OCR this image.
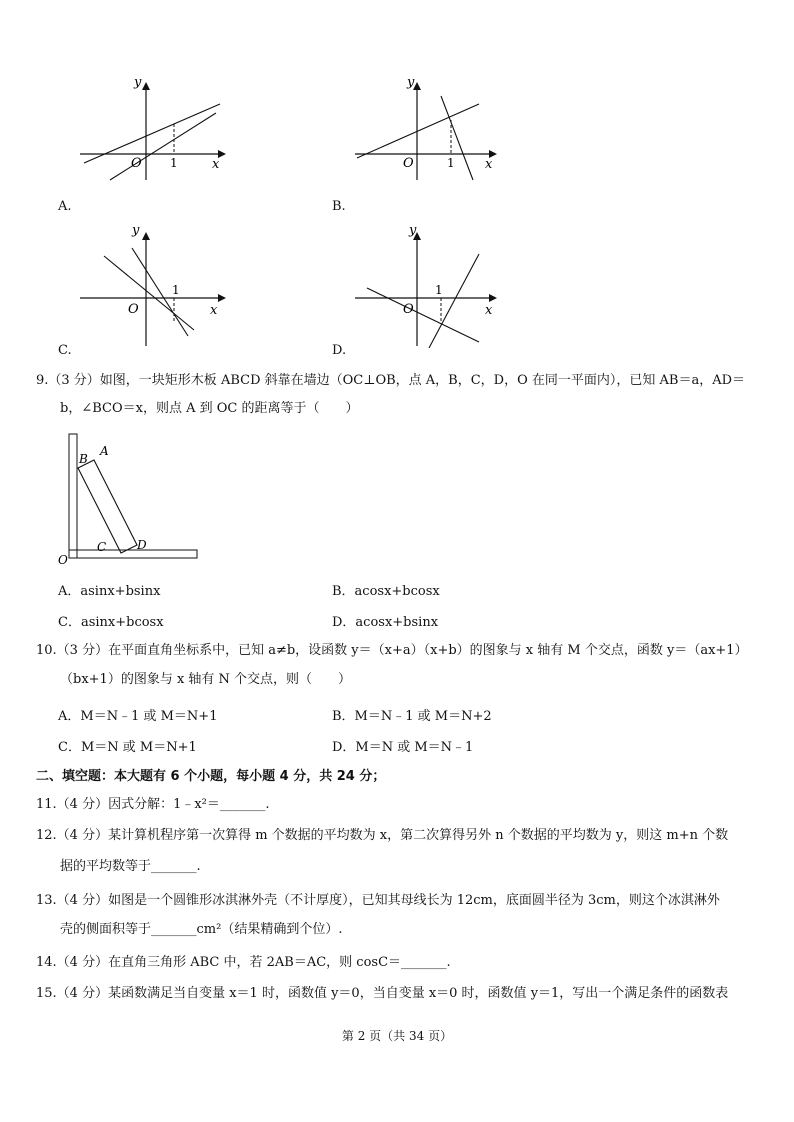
y
x
O 1
A.
y
x
O	1
B.
y
x
O
1
C.
y
x
O
1
D.
9.（3 分）如图，一块矩形木板 ABCD 斜靠在墙边（OC⊥OB，点 A，B，C，D，O 在同一平面内），已知 AB＝a，AD＝
b，∠BCO＝x，则点 A 到 OC 的距离等于（　　）
A
B
C	D
O
A．asinx+bsinx	B．acosx+bcosx
C．asinx+bcosx	D．acosx+bsinx
10.（3 分）在平面直角坐标系中，已知 a≠b，设函数 y＝（x+a）（x+b）的图象与 x 轴有 M 个交点，函数 y＝（ax+1）
（bx+1）的图象与 x 轴有 N 个交点，则（　　）
A．M＝N﹣1 或 M＝N+1	B．M＝N﹣1 或 M＝N+2
C．M＝N 或 M＝N+1	D．M＝N 或 M＝N﹣1
二、填空题：本大题有 6 个小题，每小题 4 分，共 24 分；
11.（4 分）因式分解：1﹣x²＝_______.
12.（4 分）某计算机程序第一次算得 m 个数据的平均数为 x，第二次算得另外 n 个数据的平均数为 y，则这 m+n 个数
据的平均数等于_______.
13.（4 分）如图是一个圆锥形冰淇淋外壳（不计厚度），已知其母线长为 12cm，底面圆半径为 3cm，则这个冰淇淋外
壳的侧面积等于_______cm²（结果精确到个位）.
14.（4 分）在直角三角形 ABC 中，若 2AB＝AC，则 cosC＝_______.
15.（4 分）某函数满足当自变量 x＝1 时，函数值 y＝0，当自变量 x＝0 时，函数值 y＝1，写出一个满足条件的函数表
第 2 页（共 34 页）
